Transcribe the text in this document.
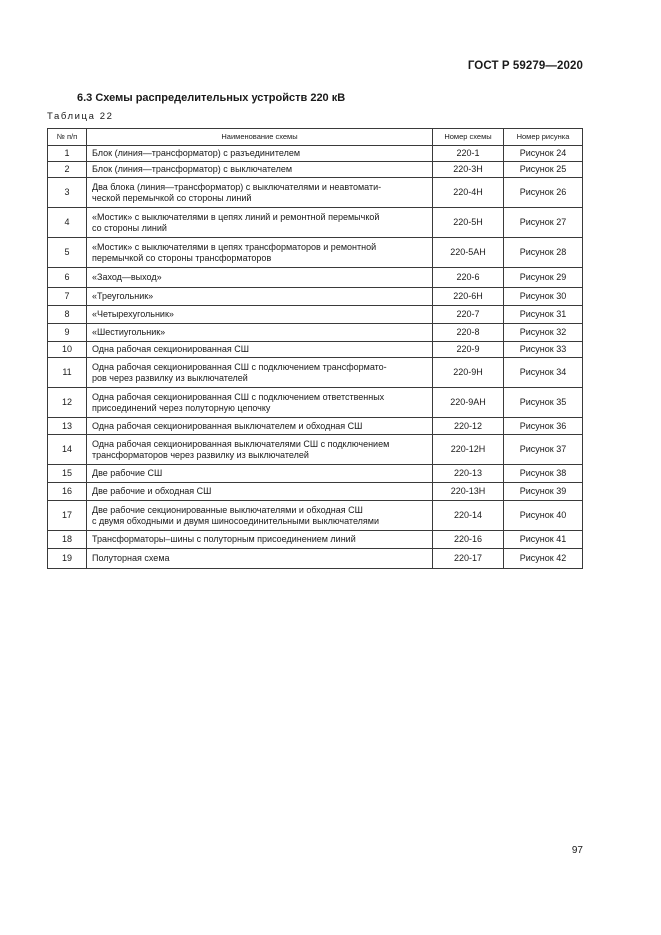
ГОСТ Р 59279—2020
6.3 Схемы распределительных устройств 220 кВ
Таблица 22
№ п/п	Наименование схемы	Номер схемы	Номер рисунка
1	Блок (линия—трансформатор) с разъединителем	220-1	Рисунок 24
2	Блок (линия—трансформатор) с выключателем	220-3Н	Рисунок 25
3	Два блока (линия—трансформатор) с выключателями и неавтомати-
ческой перемычкой со стороны линий	220-4Н	Рисунок 26
4	«Мостик» с выключателями в цепях линий и ремонтной перемычкой
со стороны линий	220-5Н	Рисунок 27
5	«Мостик» с выключателями в цепях трансформаторов и ремонтной
перемычкой со стороны трансформаторов	220-5АН	Рисунок 28
6	«Заход—выход»	220-6	Рисунок 29
7	«Треугольник»	220-6Н	Рисунок 30
8	«Четырехугольник»	220-7	Рисунок 31
9	«Шестиугольник»	220-8	Рисунок 32
10	Одна рабочая секционированная СШ	220-9	Рисунок 33
11	Одна рабочая секционированная СШ с подключением трансформато-
ров через развилку из выключателей	220-9Н	Рисунок 34
12	Одна рабочая секционированная СШ с подключением ответственных
присоединений через полуторную цепочку	220-9АН	Рисунок 35
13	Одна рабочая секционированная выключателем и обходная СШ	220-12	Рисунок 36
14	Одна рабочая секционированная выключателями СШ с подключением
трансформаторов через развилку из выключателей	220-12Н	Рисунок 37
15	Две рабочие СШ	220-13	Рисунок 38
16	Две рабочие и обходная СШ	220-13Н	Рисунок 39
17	Две рабочие секционированные выключателями и обходная СШ
с двумя обходными и двумя шиносоединительными выключателями	220-14	Рисунок 40
18	Трансформаторы–шины с полуторным присоединением линий	220-16	Рисунок 41
19	Полуторная схема	220-17	Рисунок 42
97
